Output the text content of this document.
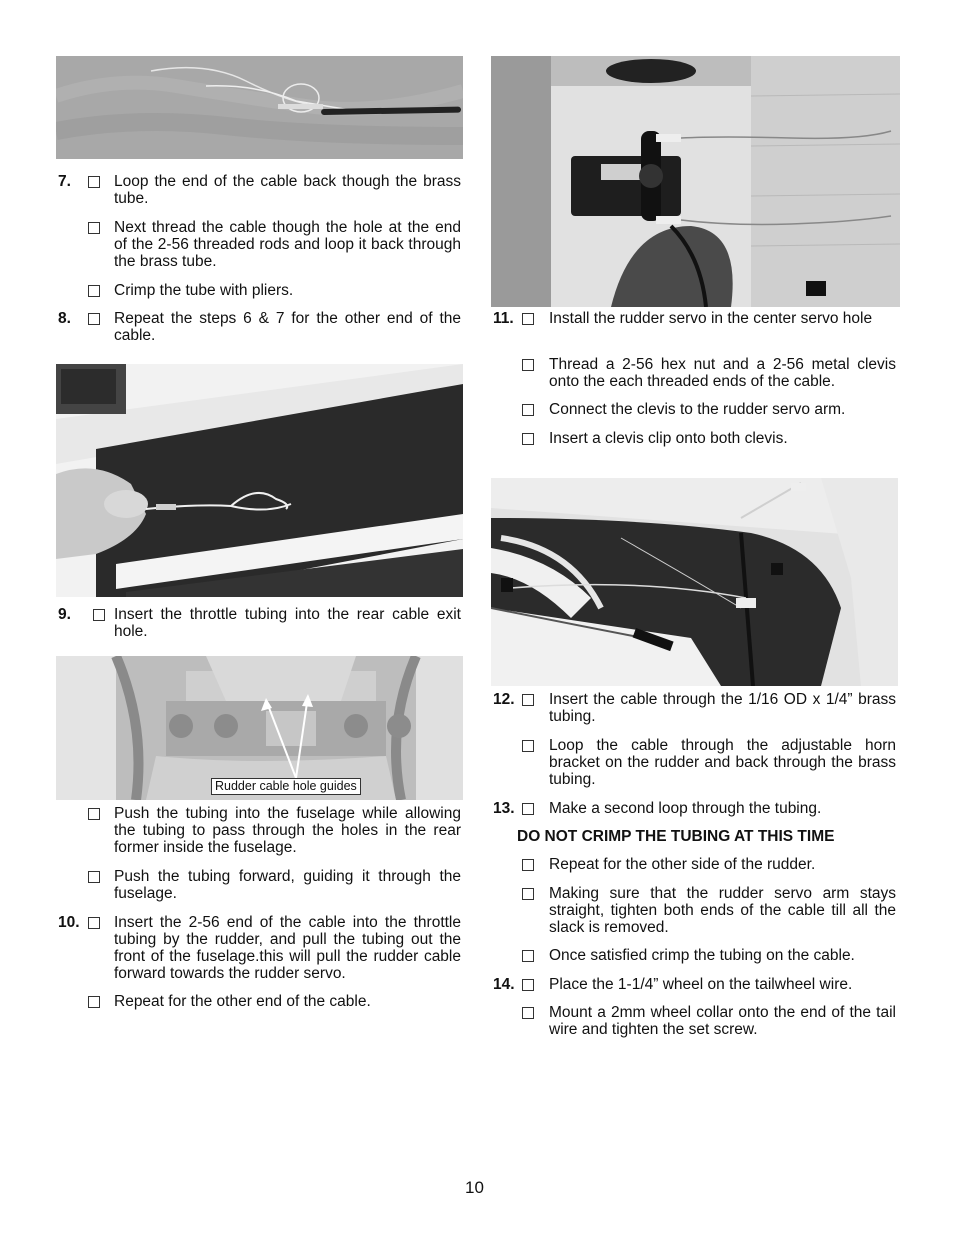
7.	Loop the end of the cable back though the brass tube.
Next thread the cable though the hole at the end of the 2-56 threaded rods and loop it back through the brass tube.
Crimp the tube with pliers.
8.	Repeat the steps 6 & 7 for the other end of the cable.
9.	Insert the throttle tubing into the rear cable exit hole.
Rudder cable hole guides
Push the tubing into the fuselage while allowing the tubing to pass through the holes in the rear former inside the fuselage.
Push the tubing forward, guiding it through the fuselage.
10. Insert the 2-56 end of the cable into the throttle tubing by the rudder, and pull the tubing out the front of the fuselage.this will pull the rudder cable forward towards the rudder servo.
Repeat for the other end of the cable.
11. Install the rudder servo in the center servo hole
Thread a 2-56 hex nut and a 2-56 metal clevis onto the each threaded ends of the cable.
Connect the clevis to the rudder servo arm.
Insert a clevis clip onto both clevis.
12. Insert the cable through the 1/16 OD x 1/4” brass tubing.
Loop the cable through the adjustable horn bracket on the rudder and back through the brass tubing.
13. Make a second loop through the tubing.
DO NOT CRIMP THE TUBING AT THIS TIME
Repeat for the other side of the rudder.
Making sure that the rudder servo arm stays straight, tighten both ends of the cable till all the slack is removed.
Once satisfied crimp the tubing on the cable.
14. Place the 1-1/4” wheel on the tailwheel wire.
Mount a 2mm wheel collar onto the end of the tail wire and tighten the set screw.
10
